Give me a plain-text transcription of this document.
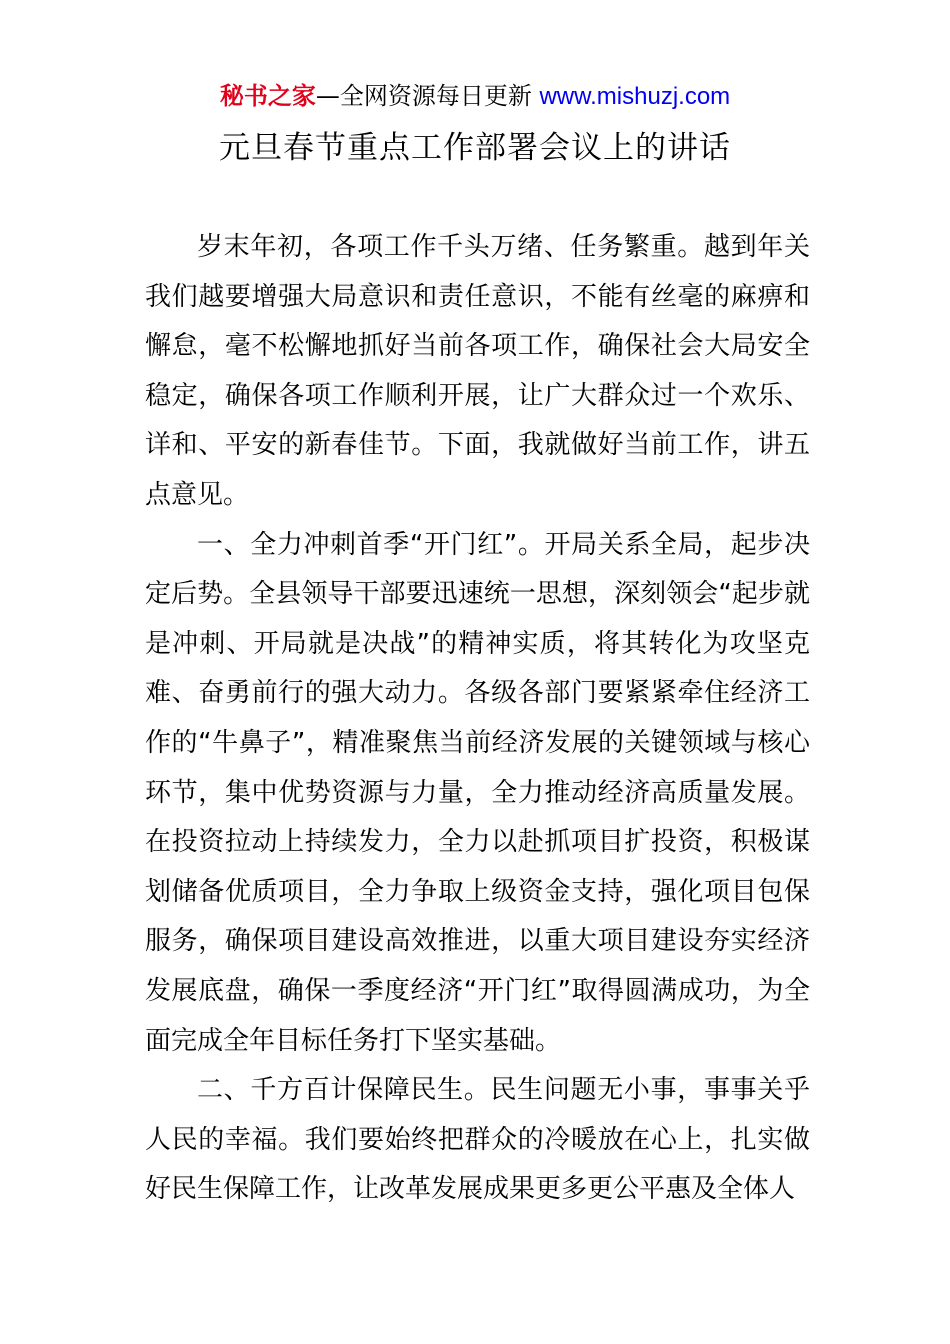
秘书之家—全网资源每日更新 www.mishuzj.com
元旦春节重点工作部署会议上的讲话

岁末年初，各项工作千头万绪、任务繁重。越到年关我们越要增强大局意识和责任意识，不能有丝毫的麻痹和懈怠，毫不松懈地抓好当前各项工作，确保社会大局安全稳定，确保各项工作顺利开展，让广大群众过一个欢乐、详和、平安的新春佳节。下面，我就做好当前工作，讲五点意见。

一、全力冲刺首季“开门红”。开局关系全局，起步决定后势。全县领导干部要迅速统一思想，深刻领会“起步就是冲刺、开局就是决战”的精神实质，将其转化为攻坚克难、奋勇前行的强大动力。各级各部门要紧紧牵住经济工作的“牛鼻子”，精准聚焦当前经济发展的关键领域与核心环节，集中优势资源与力量，全力推动经济高质量发展。在投资拉动上持续发力，全力以赴抓项目扩投资，积极谋划储备优质项目，全力争取上级资金支持，强化项目包保服务，确保项目建设高效推进，以重大项目建设夯实经济发展底盘，确保一季度经济“开门红”取得圆满成功，为全面完成全年目标任务打下坚实基础。

二、千方百计保障民生。民生问题无小事，事事关乎人民的幸福。我们要始终把群众的冷暖放在心上，扎实做好民生保障工作，让改革发展成果更多更公平惠及全体人
